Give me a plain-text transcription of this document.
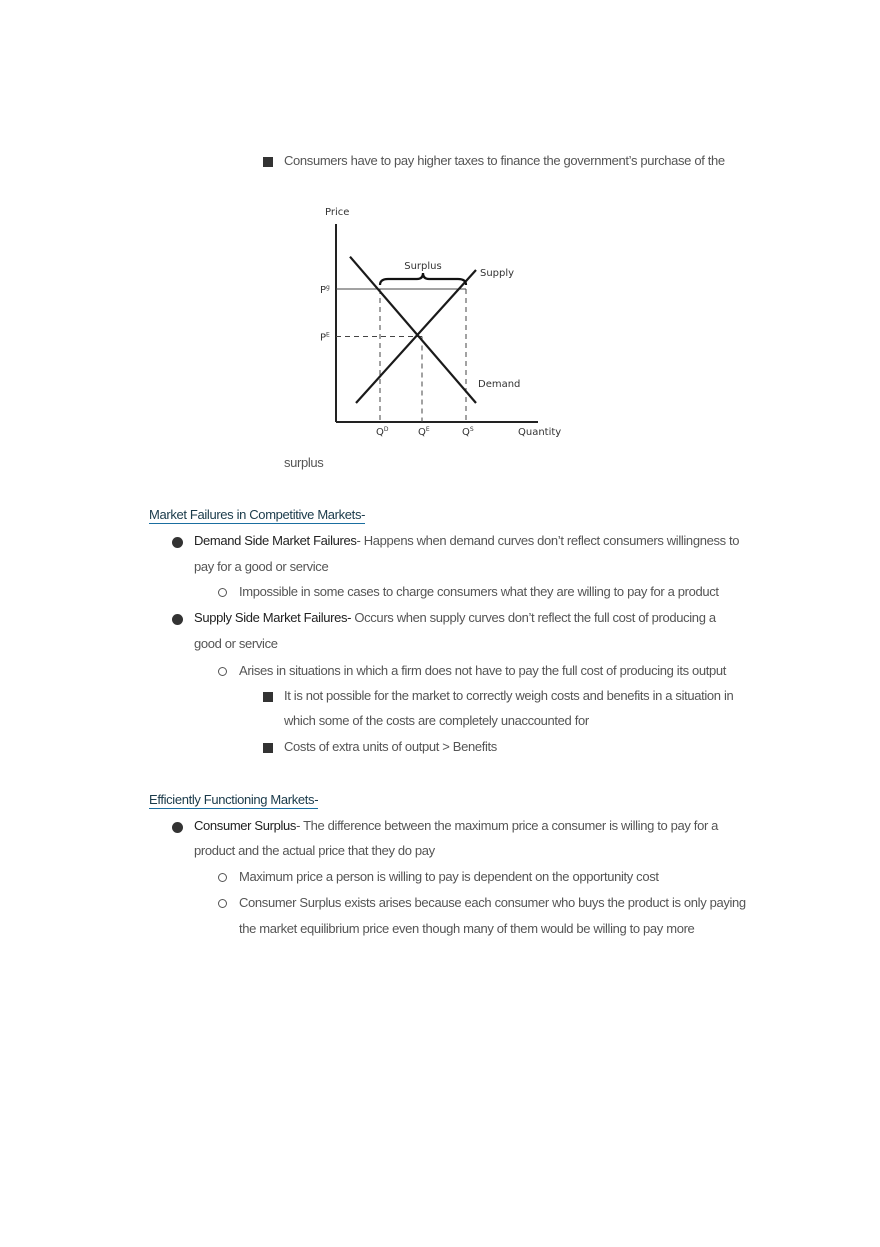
Consumers have to pay higher taxes to finance the government’s purchase of the
Price
Quantity
Supply
Demand
Surplus
$P^g$
$P^E$
$Q^D$	$Q^E$	$Q^S$
surplus
Market Failures in Competitive Markets-
Demand Side Market Failures- Happens when demand curves don’t reflect consumers willingness to
pay for a good or service
Impossible in some cases to charge consumers what they are willing to pay for a product
Supply Side Market Failures- Occurs when supply curves don’t reflect the full cost of producing a
good or service
Arises in situations in which a firm does not have to pay the full cost of producing its output
It is not possible for the market to correctly weigh costs and benefits in a situation in
which some of the costs are completely unaccounted for
Costs of extra units of output > Benefits
Efficiently Functioning Markets-
Consumer Surplus- The difference between the maximum price a consumer is willing to pay for a
product and the actual price that they do pay
Maximum price a person is willing to pay is dependent on the opportunity cost
Consumer Surplus exists arises because each consumer who buys the product is only paying
the market equilibrium price even though many of them would be willing to pay more
